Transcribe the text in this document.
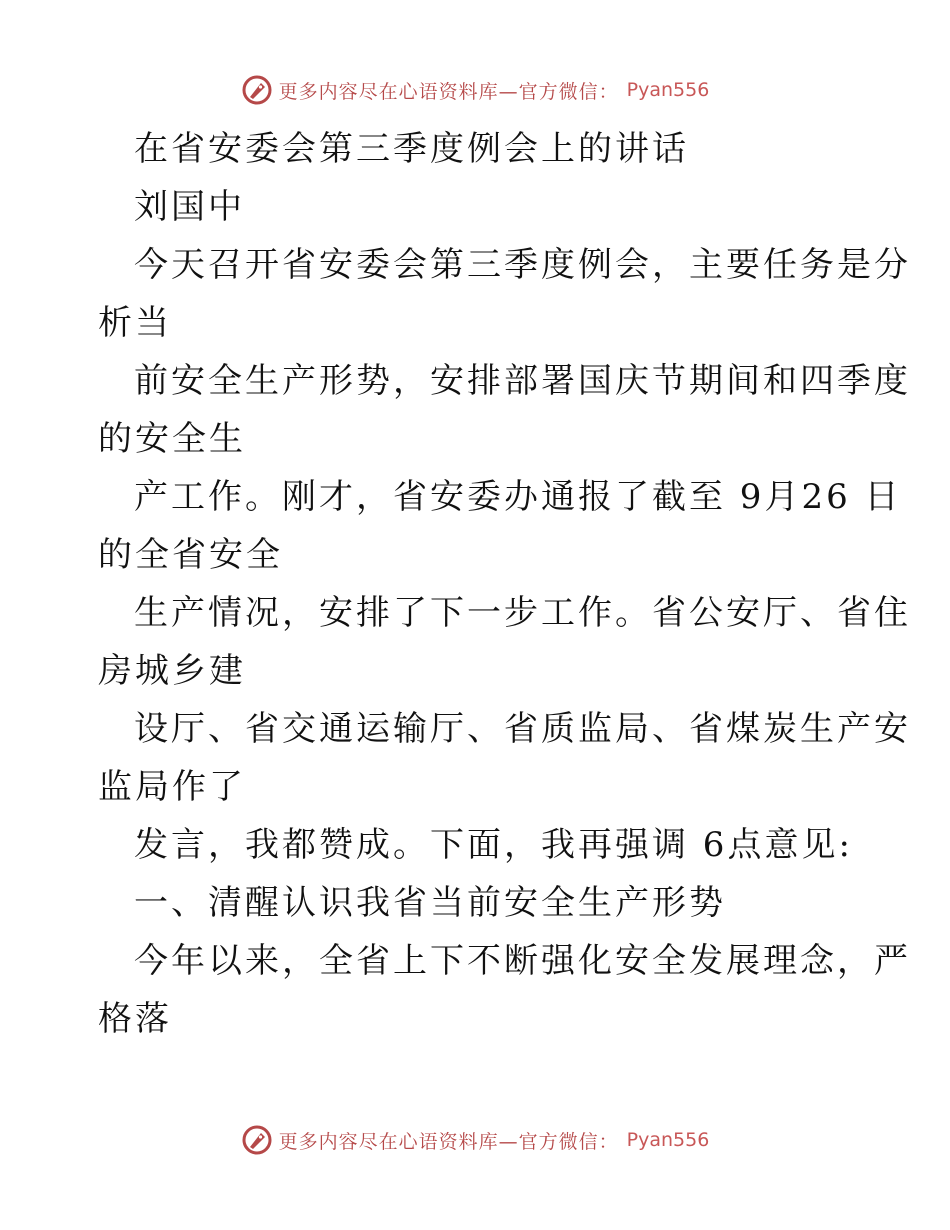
更多内容尽在心语资料库—官方微信： Pyan556
在省安委会第三季度例会上的讲话
刘国中
今天召开省安委会第三季度例会，主要任务是分
析当
前安全生产形势，安排部署国庆节期间和四季度
的安全生
产工作。刚才，省安委办通报了截至 9月26 日
的全省安全
生产情况，安排了下一步工作。省公安厅、省住
房城乡建
设厅、省交通运输厅、省质监局、省煤炭生产安
监局作了
发言，我都赞成。下面，我再强调 6点意见:
一、清醒认识我省当前安全生产形势
今年以来，全省上下不断强化安全发展理念，严
格落
更多内容尽在心语资料库—官方微信： Pyan556
